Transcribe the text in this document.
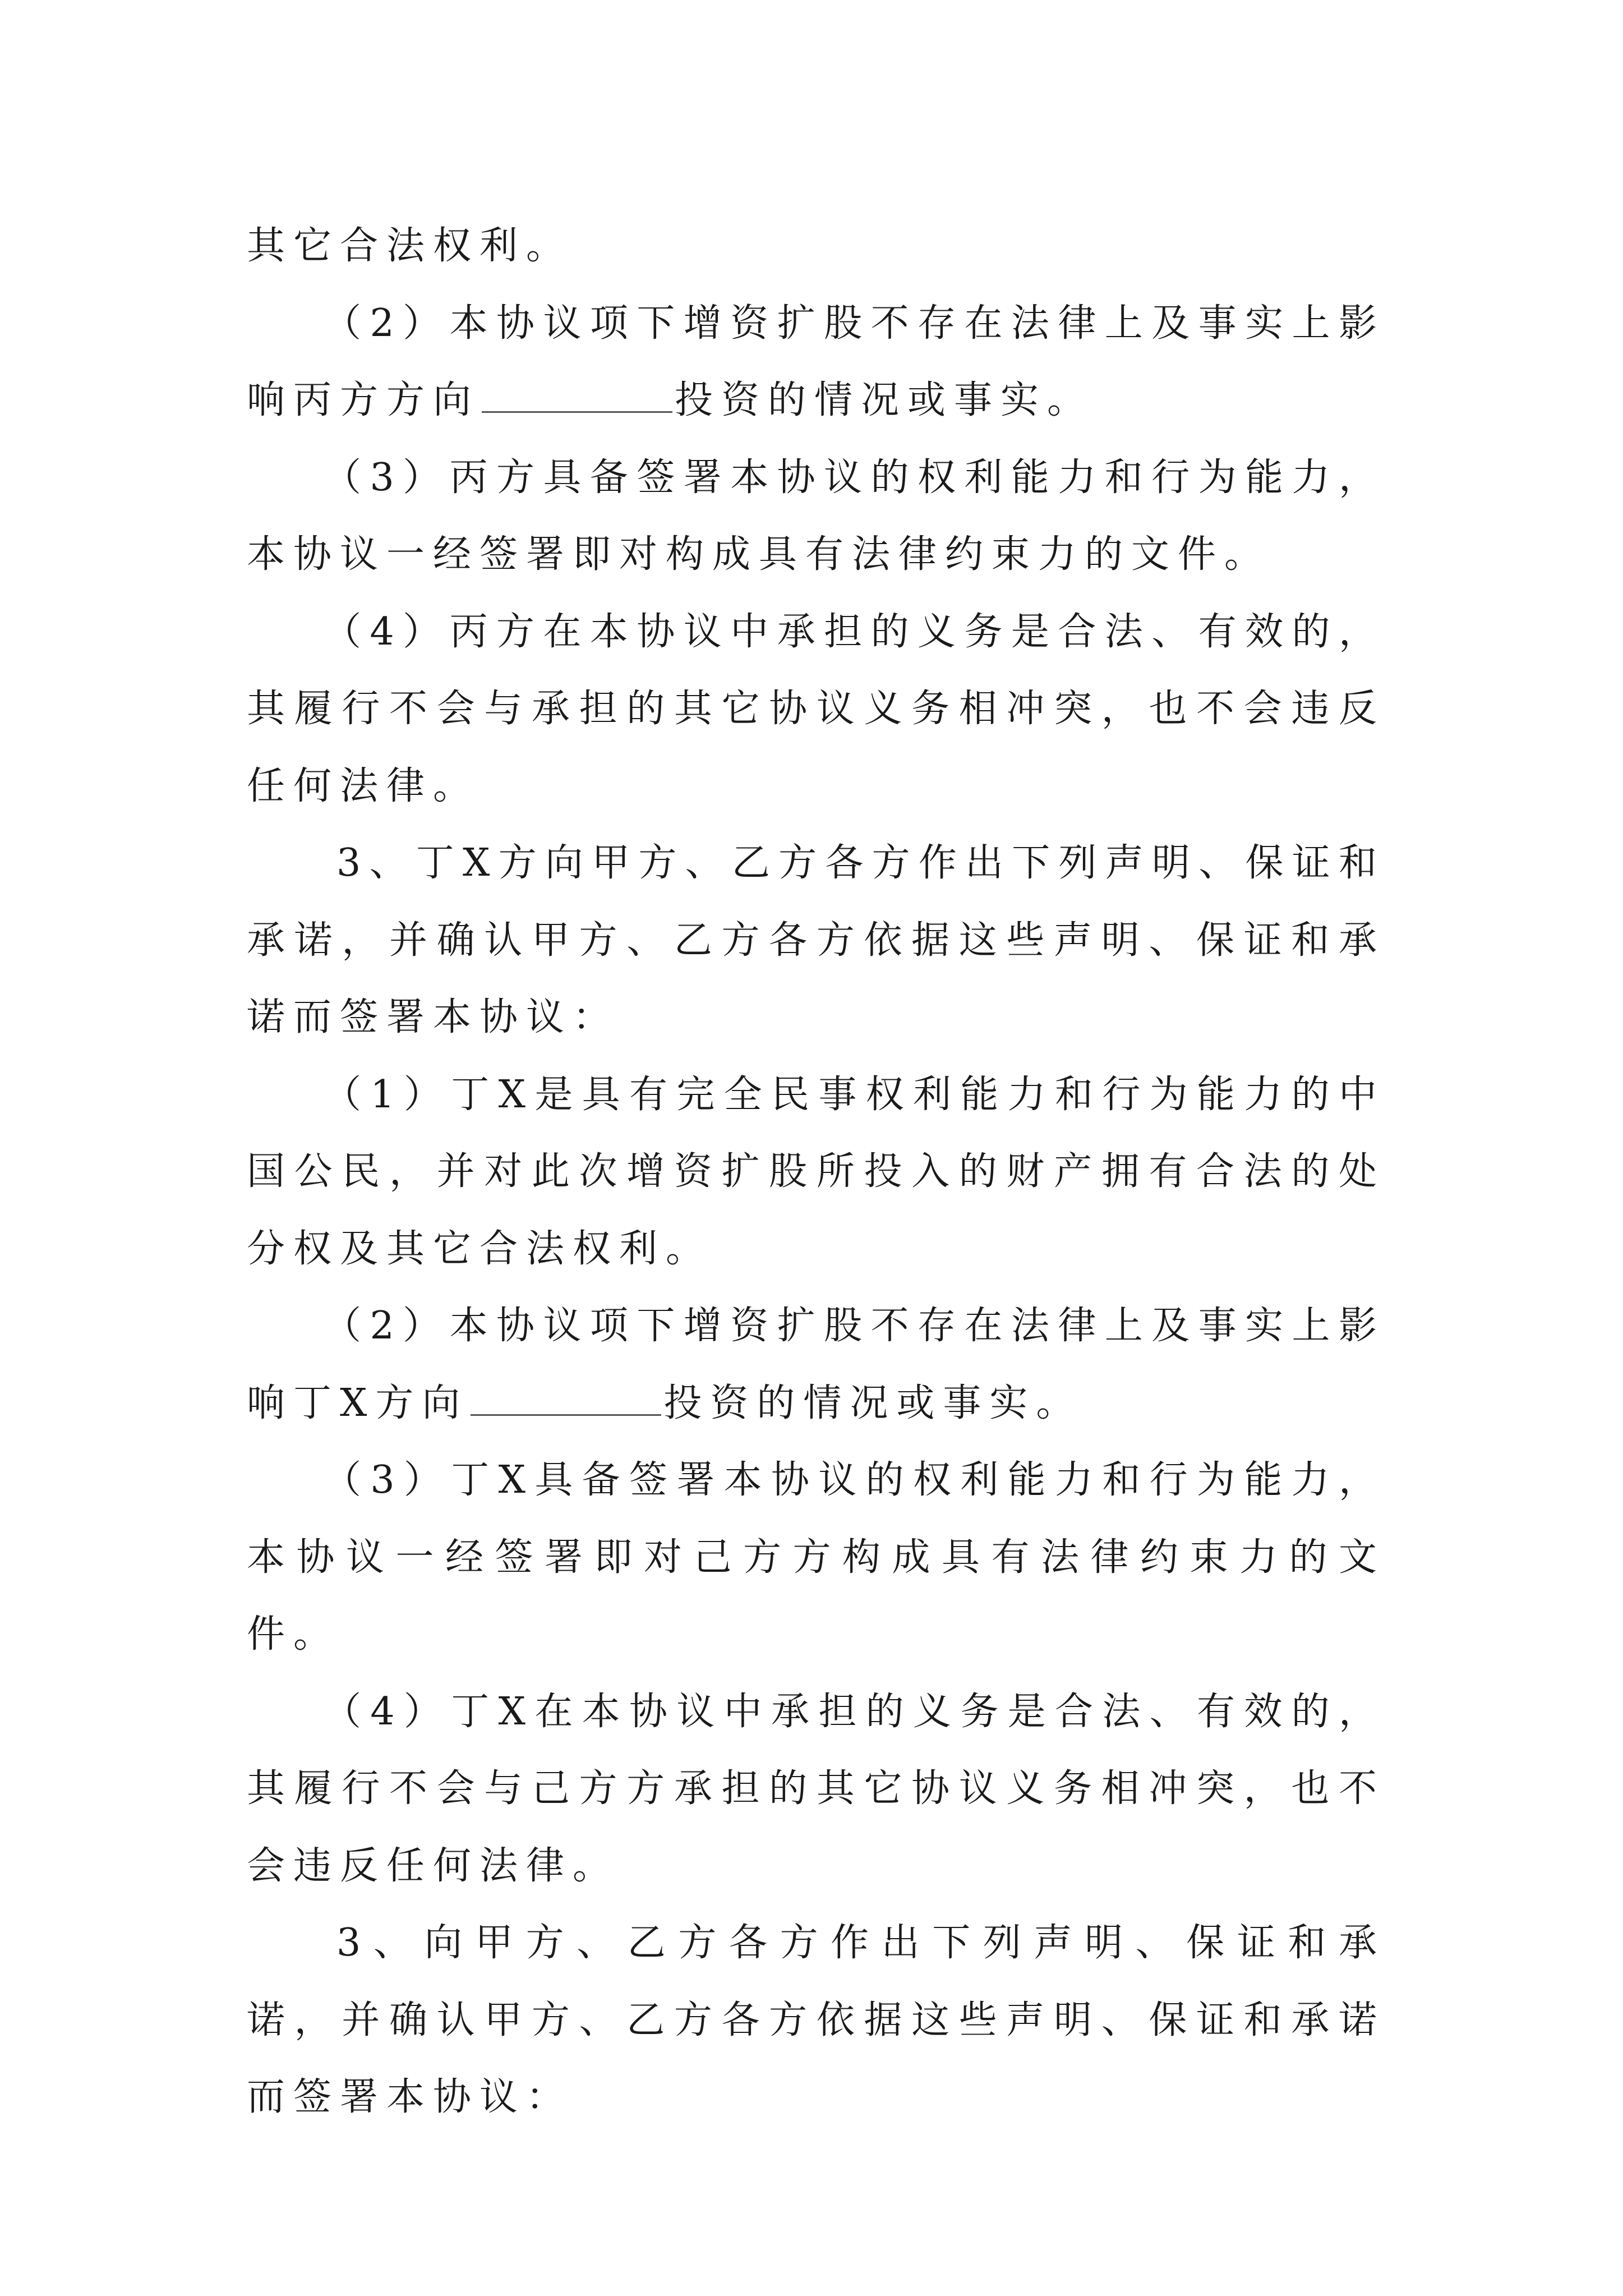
其它合法权利。

（2）本协议项下增资扩股不存在法律上及事实上影响丙方方向	投资的情况或事实。

（3）丙方具备签署本协议的权利能力和行为能力，本协议一经签署即对构成具有法律约束力的文件。

（4）丙方在本协议中承担的义务是合法、有效的，其履行不会与承担的其它协议义务相冲突，也不会违反任何法律。

3、丁X方向甲方、乙方各方作出下列声明、保证和承诺，并确认甲方、乙方各方依据这些声明、保证和承诺而签署本协议：

（1）丁X是具有完全民事权利能力和行为能力的中国公民，并对此次增资扩股所投入的财产拥有合法的处分权及其它合法权利。

（2）本协议项下增资扩股不存在法律上及事实上影响丁X方向	投资的情况或事实。

（3）丁X具备签署本协议的权利能力和行为能力，本协议一经签署即对己方方构成具有法律约束力的文件。

（4）丁X在本协议中承担的义务是合法、有效的，其履行不会与己方方承担的其它协议义务相冲突，也不会违反任何法律。

3、向甲方、乙方各方作出下列声明、保证和承诺，并确认甲方、乙方各方依据这些声明、保证和承诺而签署本协议：
